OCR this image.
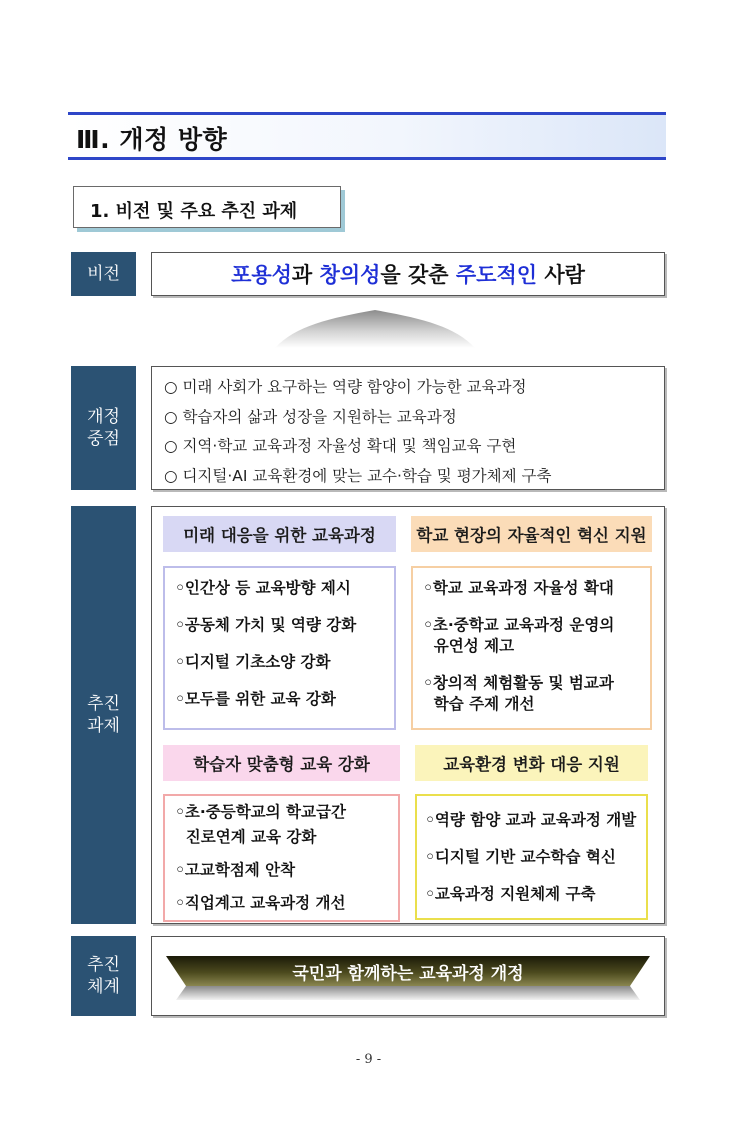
Ⅲ. 개정 방향
1. 비전 및 주요 추진 과제
비전	포용성 과 창의성 을 갖춘 주도적인 사람
개정
중점
○ 미래 사회가 요구하는 역량 함양이 가능한 교육과정
○ 학습자의 삶과 성장을 지원하는 교육과정
○ 지역·학교 교육과정 자율성 확대 및 책임교육 구현
○ 디지털·AI 교육환경에 맞는 교수·학습 및 평가체제 구축
추진
과제
미래 대응을 위한 교육과정
◦인간상 등 교육방향 제시
◦공동체 가치 및 역량 강화
◦디지털 기초소양 강화
◦모두를 위한 교육 강화
학교 현장의 자율적인 혁신 지원
◦학교 교육과정 자율성 확대
◦초·중학교 교육과정 운영의
유연성 제고
◦창의적 체험활동 및 범교과
학습 주제 개선
학습자 맞춤형 교육 강화
◦초·중등학교의 학교급간
진로연계 교육 강화
◦고교학점제 안착
◦직업계고 교육과정 개선
교육환경 변화 대응 지원
◦역량 함양 교과 교육과정 개발
◦디지털 기반 교수학습 혁신
◦교육과정 지원체제 구축
추진
체계
국민과 함께하는 교육과정 개정
- 9 -
